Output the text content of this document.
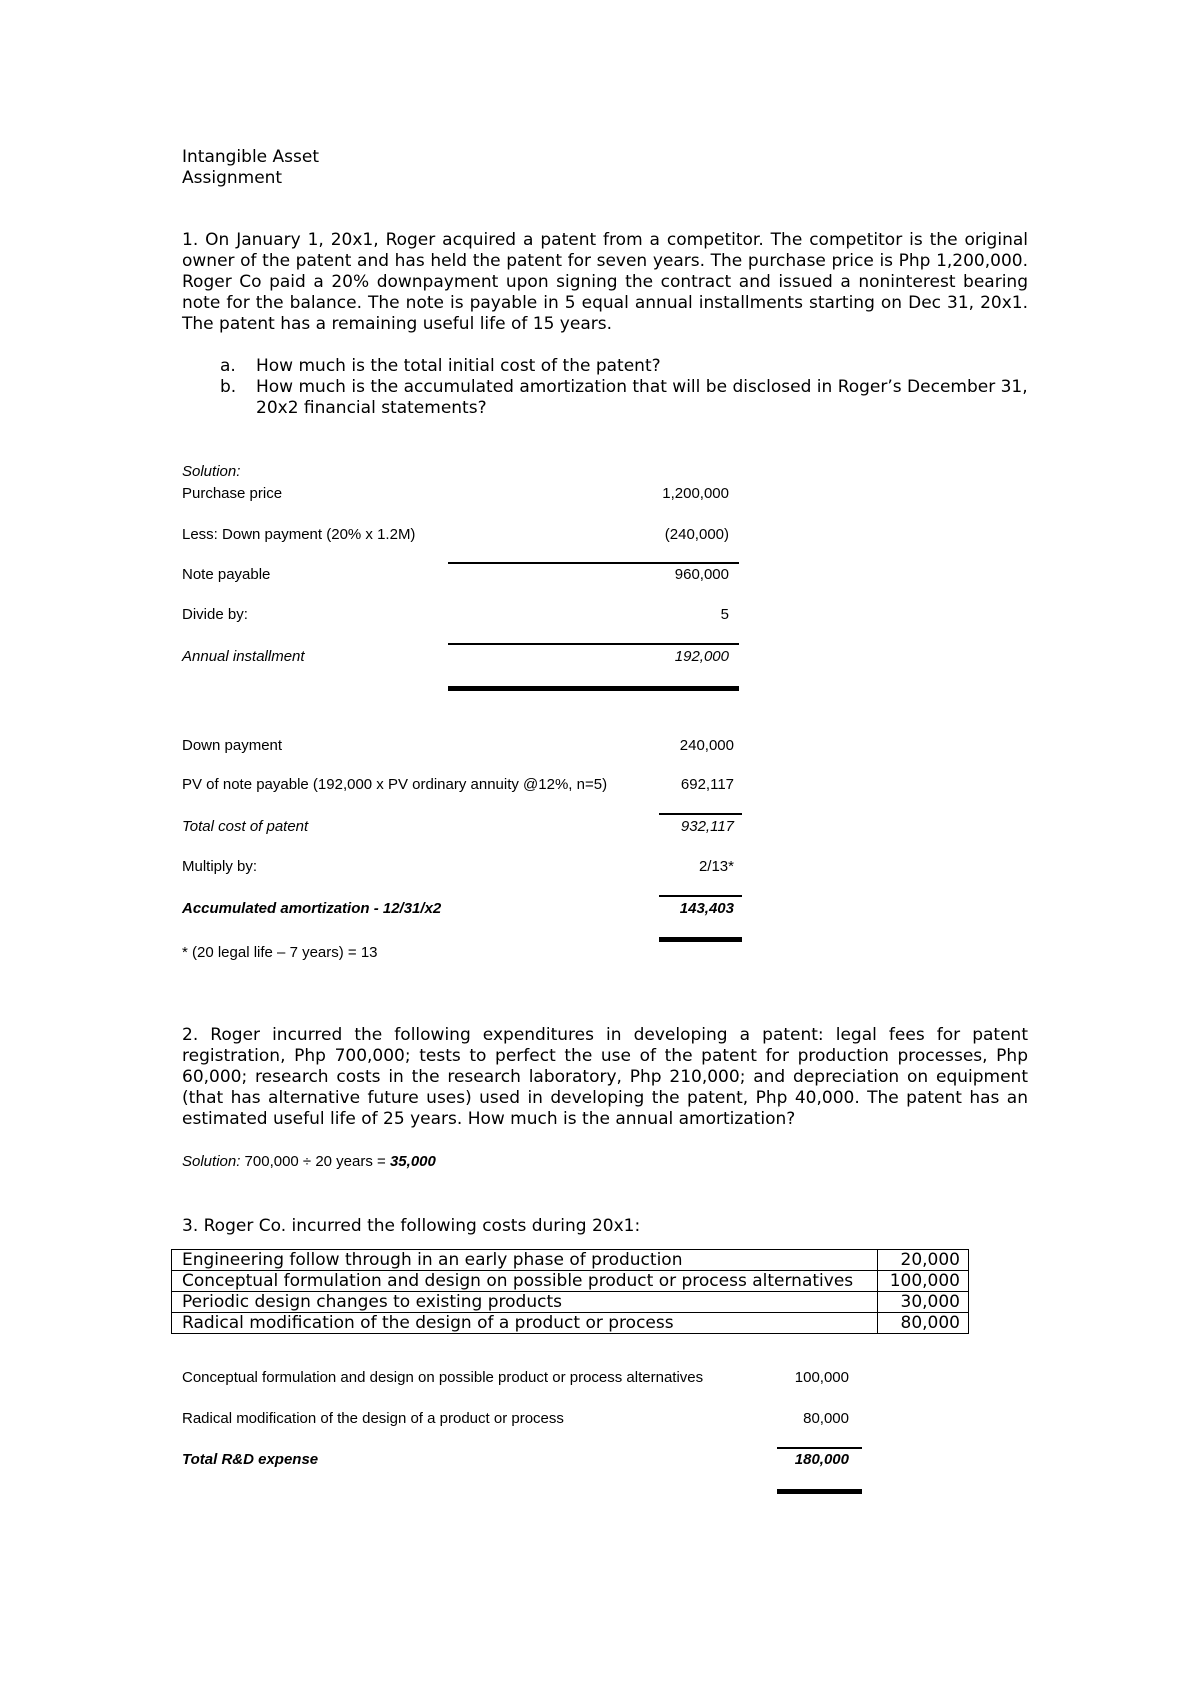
Intangible Asset
Assignment

1. On January 1, 20x1, Roger acquired a patent from a competitor. The competitor is the original owner of the patent and has held the patent for seven years. The purchase price is Php 1,200,000. Roger Co paid a 20% downpayment upon signing the contract and issued a noninterest bearing note for the balance. The note is payable in 5 equal annual installments starting on Dec 31, 20x1. The patent has a remaining useful life of 15 years.

a. How much is the total initial cost of the patent?
b. How much is the accumulated amortization that will be disclosed in Roger’s December 31, 20x2 financial statements?
Solution:
Purchase price	1,200,000
Less: Down payment (20% x 1.2M)	(240,000)
Note payable	960,000
Divide by:	5
Annual installment	192,000
Down payment	240,000
PV of note payable (192,000 x PV ordinary annuity @12%, n=5)	692,117
Total cost of patent	932,117
Multiply by:	2/13*
Accumulated amortization - 12/31/x2	143,403
* (20 legal life – 7 years) = 13

2. Roger incurred the following expenditures in developing a patent: legal fees for patent registration, Php 700,000; tests to perfect the use of the patent for production processes, Php 60,000; research costs in the research laboratory, Php 210,000; and depreciation on equipment (that has alternative future uses) used in developing the patent, Php 40,000. The patent has an estimated useful life of 25 years. How much is the annual amortization?

Solution: 700,000 ÷ 20 years = 35,000
3. Roger Co. incurred the following costs during 20x1:
Engineering follow through in an early phase of production	20,000
Conceptual formulation and design on possible product or process alternatives	100,000
Periodic design changes to existing products	30,000
Radical modification of the design of a product or process	80,000
Conceptual formulation and design on possible product or process alternatives	100,000
Radical modification of the design of a product or process	80,000
Total R&D expense	180,000
